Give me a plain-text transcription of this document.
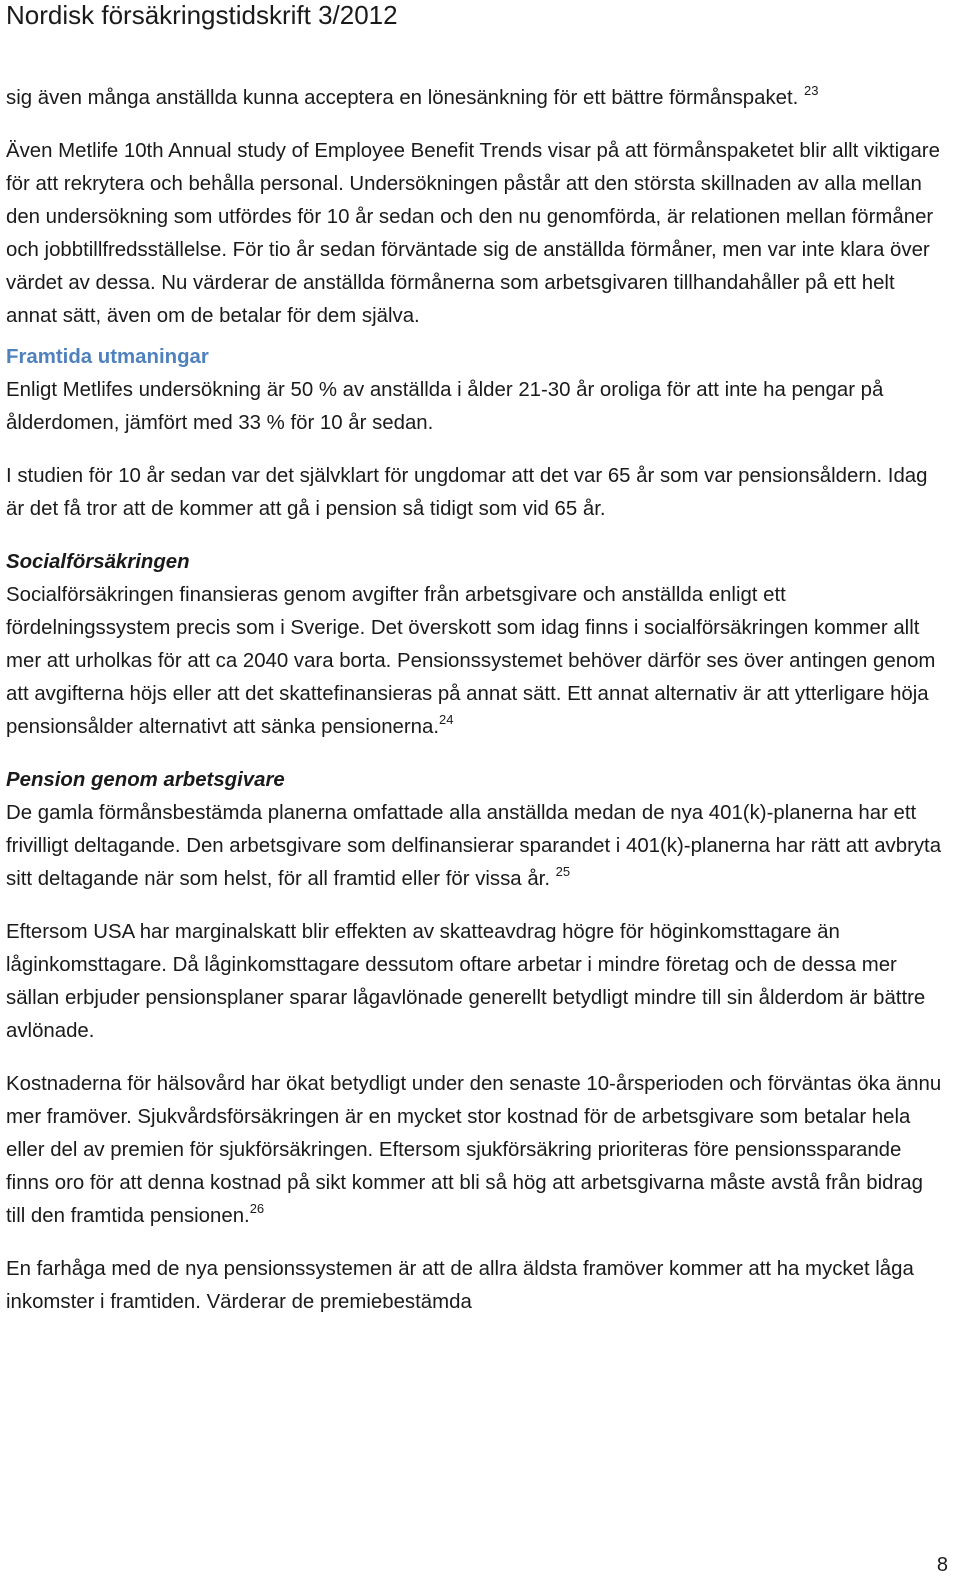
Nordisk försäkringstidskrift 3/2012

sig även många anställda kunna acceptera en lönesänkning för ett bättre förmånspaket. $^{23}$

Även Metlife 10th Annual study of Employee Benefit Trends visar på att förmånspaketet blir allt viktigare för att rekrytera och behålla personal. Undersökningen påstår att den största skillnaden av alla mellan den undersökning som utfördes för 10 år sedan och den nu genomförda, är relationen mellan förmåner och jobbtillfredsställelse. För tio år sedan förväntade sig de anställda förmåner, men var inte klara över värdet av dessa. Nu värderar de anställda förmånerna som arbetsgivaren tillhandahåller på ett helt annat sätt, även om de betalar för dem själva.

Framtida utmaningar

Enligt Metlifes undersökning är 50 % av anställda i ålder 21-30 år oroliga för att inte ha pengar på ålderdomen, jämfört med 33 % för 10 år sedan.

I studien för 10 år sedan var det självklart för ungdomar att det var 65 år som var pensionsåldern. Idag är det få tror att de kommer att gå i pension så tidigt som vid 65 år.

Socialförsäkringen

Socialförsäkringen finansieras genom avgifter från arbetsgivare och anställda enligt ett fördelningssystem precis som i Sverige. Det överskott som idag finns i socialförsäkringen kommer allt mer att urholkas för att ca 2040 vara borta. Pensionssystemet behöver därför ses över antingen genom att avgifterna höjs eller att det skattefinansieras på annat sätt. Ett annat alternativ är att ytterligare höja pensionsålder alternativt att sänka pensionerna.$^{24}$

Pension genom arbetsgivare

De gamla förmånsbestämda planerna omfattade alla anställda medan de nya 401(k)-planerna har ett frivilligt deltagande. Den arbetsgivare som delfinansierar sparandet i 401(k)-planerna har rätt att avbryta sitt deltagande när som helst, för all framtid eller för vissa år. $^{25}$

Eftersom USA har marginalskatt blir effekten av skatteavdrag högre för höginkomsttagare än låginkomsttagare. Då låginkomsttagare dessutom oftare arbetar i mindre företag och de dessa mer sällan erbjuder pensionsplaner sparar lågavlönade generellt betydligt mindre till sin ålderdom är bättre avlönade.

Kostnaderna för hälsovård har ökat betydligt under den senaste 10-årsperioden och förväntas öka ännu mer framöver. Sjukvårdsförsäkringen är en mycket stor kostnad för de arbetsgivare som betalar hela eller del av premien för sjukförsäkringen. Eftersom sjukförsäkring prioriteras före pensionssparande finns oro för att denna kostnad på sikt kommer att bli så hög att arbetsgivarna måste avstå från bidrag till den framtida pensionen.$^{26}$

En farhåga med de nya pensionssystemen är att de allra äldsta framöver kommer att ha mycket låga inkomster i framtiden. Värderar de premiebestämda

8
